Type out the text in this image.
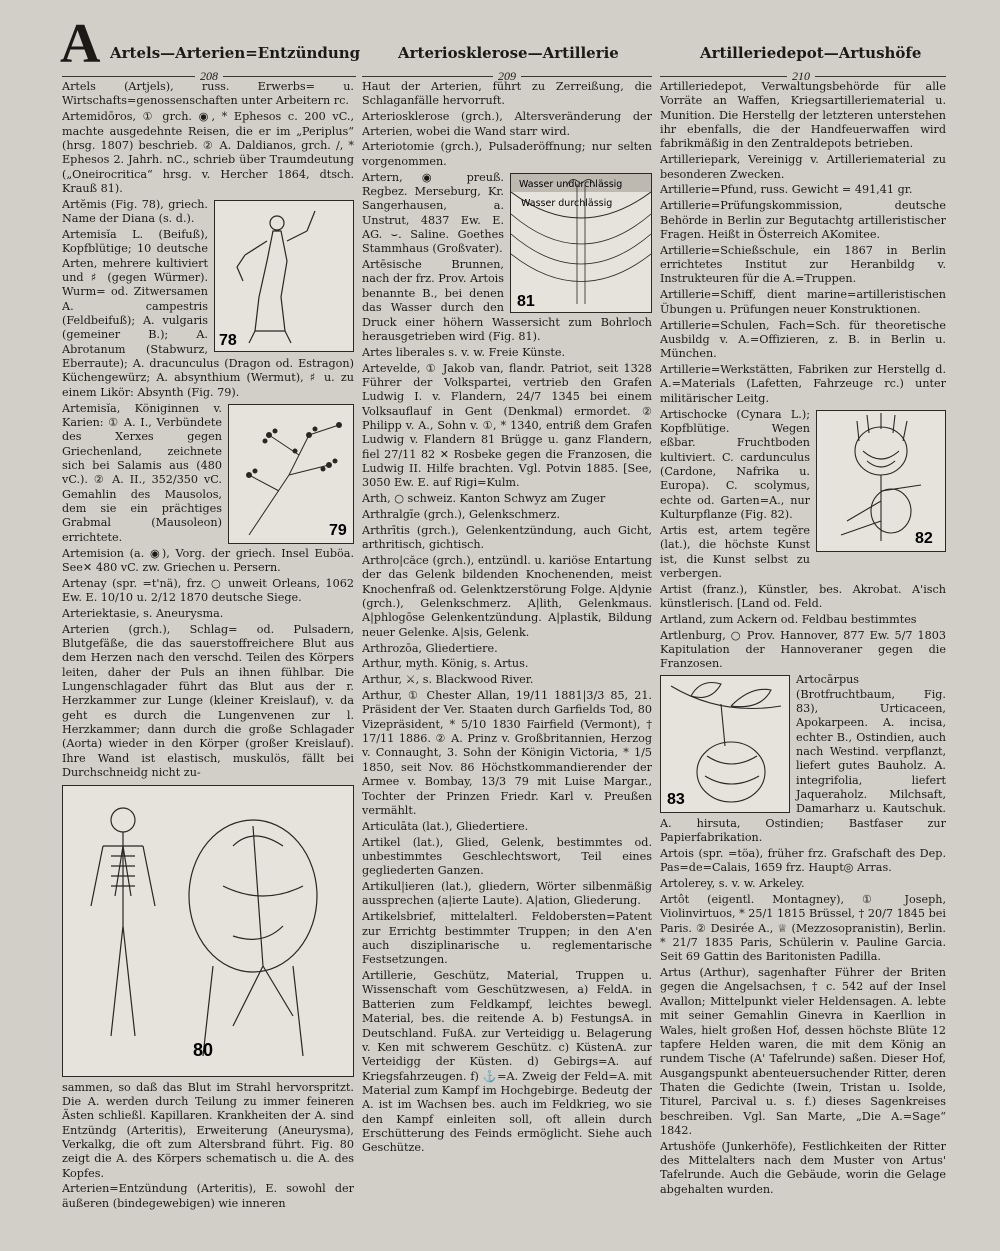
A Artels—Arterien=Entzündung	Arteriosklerose—Artillerie	Artilleriedepot—Artushöfe
208	209	210

Artels (Artjels), russ. Erwerbs= u. Wirtschafts=genossenschaften unter Arbeitern rc.

Artemidōros, ① grch. ◉, * Ephesos c. 200 vC., machte ausgedehnte Reisen, die er im „Periplus“ (hrsg. 1807) beschrieb. ② A. Daldianos, grch. /, * Ephesos 2. Jahrh. nC., schrieb über Traumdeutung („Oneirocritica“ hrsg. v. Hercher 1864, dtsch. Krauß 81).

78

Artĕmis (Fig. 78), griech. Name der Diana (s. d.).

Artemisĭa L. (Beifuß), Kopfblütige; 10 deutsche Arten, mehrere kultiviert und ♯ (gegen Würmer). Wurm= od. Zitwersamen A. campestris (Feldbeifuß); A. vulgaris (gemeiner B.); A. Abrotanum (Stabwurz, Eberraute); A. dracunculus (Dragon od. Estragon) Küchengewürz; A. absynthium (Wermut), ♯ u. zu einem Likör: Absynth (Fig. 79).

79

Artemisĭa, Königinnen v. Karien: ① A. I., Verbündete des Xerxes gegen Griechenland, zeichnete sich bei Salamis aus (480 vC.). ② A. II., 352/350 vC. Gemahlin des Mausolos, dem sie ein prächtiges Grabmal (Mausoleon) errichtete.

Artemision (a. ◉), Vorg. der griech. Insel Euböa. See✕ 480 vC. zw. Griechen u. Persern.

Artenay (spr. =t'nä), frz. ○ unweit Orleans, 1062 Ew. E. 10/10 u. 2/12 1870 deutsche Siege.

Arteriektasie, s. Aneurysma.

Arterien (grch.), Schlag= od. Pulsadern, Blutgefäße, die das sauerstoffreichere Blut aus dem Herzen nach den verschd. Teilen des Körpers leiten, daher der Puls an ihnen fühlbar. Die Lungenschlagader führt das Blut aus der r. Herzkammer zur Lunge (kleiner Kreislauf), v. da geht es durch die Lungenvenen zur l. Herzkammer; dann durch die große Schlagader (Aorta) wieder in den Körper (großer Kreislauf). Ihre Wand ist elastisch, muskulös, fällt bei Durchschneidg nicht zu-

80

sammen, so daß das Blut im Strahl hervorspritzt. Die A. werden durch Teilung zu immer feineren Ästen schließl. Kapillaren. Krankheiten der A. sind Entzündg (Arteritis), Erweiterung (Aneurysma), Verkalkg, die oft zum Altersbrand führt. Fig. 80 zeigt die A. des Körpers schematisch u. die A. des Kopfes.

Arterien=Entzündung (Arteritis), E. sowohl der äußeren (bindegewebigen) wie inneren

Haut der Arterien, führt zu Zerreißung, die Schlaganfälle hervorruft.

Arteriosklerose (grch.), Altersveränderung der Arterien, wobei die Wand starr wird.

Arteriotomie (grch.), Pulsaderöffnung; nur selten vorgenommen.

Wasser undurchlässig
Wasser durchlässig
81

Artern, ◉ preuß. Regbez. Merseburg, Kr. Sangerhausen, a. Unstrut, 4837 Ew. E. AG. ⌣. Saline. Goethes Stammhaus (Großvater).

Artēsische Brunnen, nach der frz. Prov. Artois benannte B., bei denen das Wasser durch den Druck einer höhern Wassersicht zum Bohrloch herausgetrieben wird (Fig. 81).

Artes liberales s. v. w. Freie Künste.

Artevelde, ① Jakob van, flandr. Patriot, seit 1328 Führer der Volkspartei, vertrieb den Grafen Ludwig I. v. Flandern, 24/7 1345 bei einem Volksauflauf in Gent (Denkmal) ermordet. ② Philipp v. A., Sohn v. ①, * 1340, entriß dem Grafen Ludwig v. Flandern 81 Brügge u. ganz Flandern, fiel 27/11 82 ✕ Rosbeke gegen die Franzosen, die Ludwig II. Hilfe brachten. Vgl. Potvin 1885. [See, 3050 Ew. E. auf Rigi=Kulm.

Arth, ○ schweiz. Kanton Schwyz am Zuger

Arthralgīe (grch.), Gelenkschmerz.

Arthrītis (grch.), Gelenkentzündung, auch Gicht, arthritisch, gichtisch.

Arthro|căce (grch.), entzündl. u. kariöse Entartung der das Gelenk bildenden Knochenenden, meist Knochenfraß od. Gelenktzerstörung Folge. A|dynie (grch.), Gelenkschmerz. A|lith, Gelenkmaus. A|phlogōse Gelenkentzündung. A|plastik, Bildung neuer Gelenke. A|sis, Gelenk.

Arthrozōa, Gliedertiere.

Arthur, myth. König, s. Artus.

Arthur, ⚔, s. Blackwood River.

Arthur, ① Chester Allan, 19/11 1881|3/3 85, 21. Präsident der Ver. Staaten durch Garfields Tod, 80 Vizepräsident, * 5/10 1830 Fairfield (Vermont), † 17/11 1886. ② A. Prinz v. Großbritannien, Herzog v. Connaught, 3. Sohn der Königin Victoria, * 1/5 1850, seit Nov. 86 Höchstkommandierender der Armee v. Bombay, 13/3 79 mit Luise Margar., Tochter der Prinzen Friedr. Karl v. Preußen vermählt.

Articulāta (lat.), Gliedertiere.

Artikel (lat.), Glied, Gelenk, bestimmtes od. unbestimmtes Geschlechtswort, Teil eines gegliederten Ganzen.

Artikul|ieren (lat.), gliedern, Wörter silbenmäßig aussprechen (a|ierte Laute). A|ation, Gliederung.

Artikelsbrief, mittelalterl. Feldobersten=Patent zur Errichtg bestimmter Truppen; in den A'en auch disziplinarische u. reglementarische Festsetzungen.

Artillerie, Geschütz, Material, Truppen u. Wissenschaft vom Geschützwesen, a) FeldA. in Batterien zum Feldkampf, leichtes bewegl. Material, bes. die reitende A. b) FestungsA. in Deutschland. FußA. zur Verteidigg u. Belagerung v. Ken mit schwerem Geschütz. c) KüstenA. zur Verteidigg der Küsten. d) Gebirgs=A. auf Kriegsfahrzeugen. f) ⚓=A. Zweig der Feld=A. mit Material zum Kampf im Hochgebirge. Bedeutg der A. ist im Wachsen bes. auch im Feldkrieg, wo sie den Kampf einleiten soll, oft allein durch Erschütterung des Feinds ermöglicht. Siehe auch Geschütze.

Artilleriedepot, Verwaltungsbehörde für alle Vorräte an Waffen, Kriegsartilleriematerial u. Munition. Die Herstellg der letzteren unterstehen ihr ebenfalls, die der Handfeuerwaffen wird fabrikmäßig in den Zentraldepots betrieben.

Artilleriepark, Vereinigg v. Artilleriematerial zu besonderen Zwecken.

Artillerie=Pfund, russ. Gewicht = 491,41 gr.

Artillerie=Prüfungskommission, deutsche Behörde in Berlin zur Begutachtg artilleristischer Fragen. Heißt in Österreich AKomitee.

Artillerie=Schießschule, ein 1867 in Berlin errichtetes Institut zur Heranbildg v. Instrukteuren für die A.=Truppen.

Artillerie=Schiff, dient marine=artilleristischen Übungen u. Prüfungen neuer Konstruktionen.

Artillerie=Schulen, Fach=Sch. für theoretische Ausbildg v. A.=Offizieren, z. B. in Berlin u. München.

Artillerie=Werkstätten, Fabriken zur Herstellg d. A.=Materials (Lafetten, Fahrzeuge rc.) unter militärischer Leitg.

82

Artischocke (Cynara L.); Kopfblütige. Wegen eßbar. Fruchtboden kultiviert. C. cardunculus (Cardone, Nafrika u. Europa). C. scolymus, echte od. Garten=A., nur Kulturpflanze (Fig. 82).

Artis est, artem tegĕre (lat.), die höchste Kunst ist, die Kunst selbst zu verbergen.

Artist (franz.), Künstler, bes. Akrobat. A'isch künstlerisch. [Land od. Feld.

Artland, zum Ackern od. Feldbau bestimmtes

Artlenburg, ○ Prov. Hannover, 877 Ew. 5/7 1803 Kapitulation der Hannoveraner gegen die Franzosen.

83

Artocārpus (Brotfruchtbaum, Fig. 83), Urticaceen, Apokarpeen. A. incisa, echter B., Ostindien, auch nach Westind. verpflanzt, liefert gutes Bauholz. A. integrifolia, liefert Jaqueraholz. Milchsaft, Damarharz u. Kautschuk. A. hirsuta, Ostindien; Bastfaser zur Papierfabrikation.

Artois (spr. =töa), früher frz. Grafschaft des Dep. Pas=de=Calais, 1659 frz. Haupt◎ Arras.

Artolerey, s. v. w. Arkeley.

Artôt (eigentl. Montagney), ① Joseph, Violinvirtuos, * 25/1 1815 Brüssel, † 20/7 1845 bei Paris. ② Desirée A., ♕ (Mezzosopranistin), Berlin. * 21/7 1835 Paris, Schülerin v. Pauline Garcia. Seit 69 Gattin des Baritonisten Padilla.

Artus (Arthur), sagenhafter Führer der Briten gegen die Angelsachsen, † c. 542 auf der Insel Avallon; Mittelpunkt vieler Heldensagen. A. lebte mit seiner Gemahlin Ginevra in Kaerllion in Wales, hielt großen Hof, dessen höchste Blüte 12 tapfere Helden waren, die mit dem König an rundem Tische (A' Tafelrunde) saßen. Dieser Hof, Ausgangspunkt abenteuersuchender Ritter, deren Thaten die Gedichte (Iwein, Tristan u. Isolde, Titurel, Parcival u. s. f.) dieses Sagenkreises beschreiben. Vgl. San Marte, „Die A.=Sage“ 1842.

Artushöfe (Junkerhöfe), Festlichkeiten der Ritter des Mittelalters nach dem Muster von Artus' Tafelrunde. Auch die Gebäude, worin die Gelage abgehalten wurden.
